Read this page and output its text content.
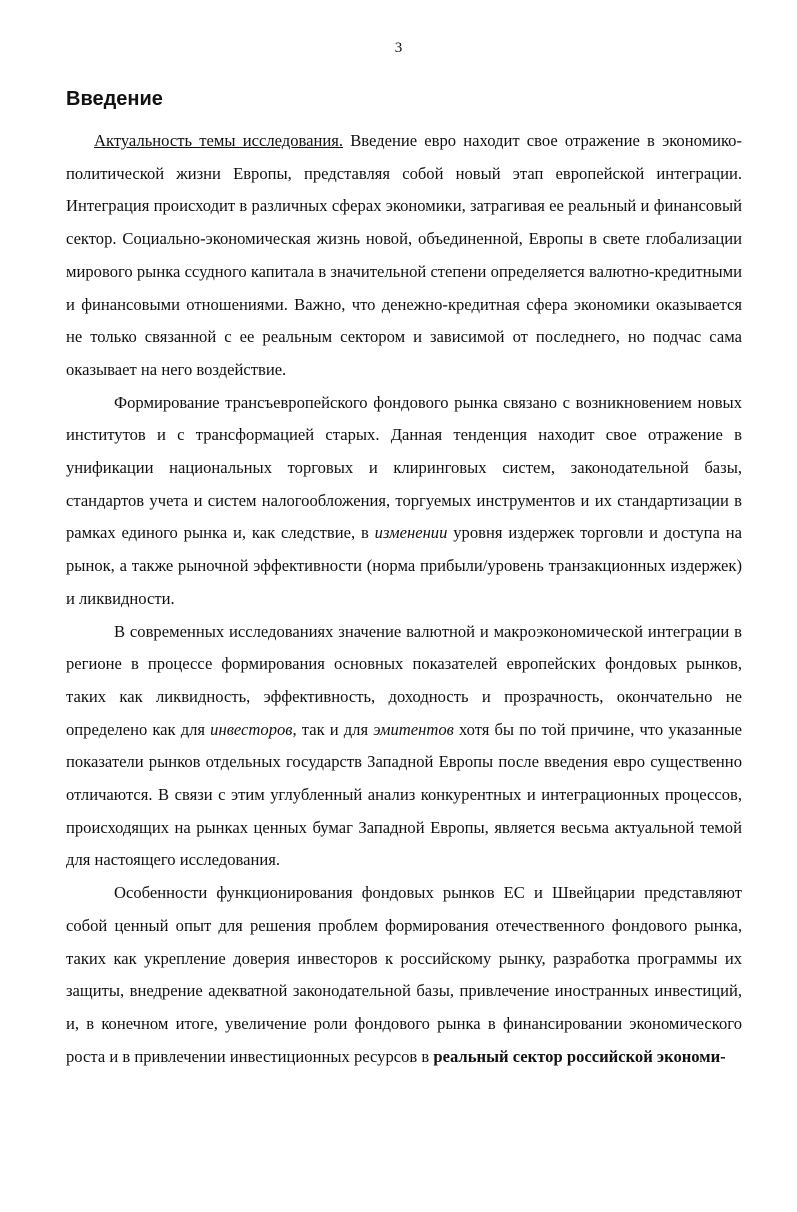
3
Введение

Актуальность темы исследования. Введение евро находит свое отражение в экономико-политической жизни Европы, представляя собой новый этап европейской интеграции. Интеграция происходит в различных сферах экономики, затрагивая ее реальный и финансовый сектор. Социально-экономическая жизнь новой, объединенной, Европы в свете глобализации мирового рынка ссудного капитала в значительной степени определяется валютно-кредитными и финансовыми отношениями. Важно, что денежно-кредитная сфера экономики оказывается не только связанной с ее реальным сектором и зависимой от последнего, но подчас сама оказывает на него воздействие.

Формирование трансъевропейского фондового рынка связано с возникновением новых институтов и с трансформацией старых. Данная тенденция находит свое отражение в унификации национальных торговых и клиринговых систем, законодательной базы, стандартов учета и систем налогообложения, торгуемых инструментов и их стандартизации в рамках единого рынка и, как следствие, в изменении уровня издержек торговли и доступа на рынок, а также рыночной эффективности (норма прибыли/уровень транзакционных издержек) и ликвидности.

В современных исследованиях значение валютной и макроэкономической интеграции в регионе в процессе формирования основных показателей европейских фондовых рынков, таких как ликвидность, эффективность, доходность и прозрачность, окончательно не определено как для инвесторов, так и для эмитентов хотя бы по той причине, что указанные показатели рынков отдельных государств Западной Европы после введения евро существенно отличаются. В связи с этим углубленный анализ конкурентных и интеграционных процессов, происходящих на рынках ценных бумаг Западной Европы, является весьма актуальной темой для настоящего исследования.

Особенности функционирования фондовых рынков ЕС и Швейцарии представляют собой ценный опыт для решения проблем формирования отечественного фондового рынка, таких как укрепление доверия инвесторов к российскому рынку, разработка программы их защиты, внедрение адекватной законодательной базы, привлечение иностранных инвестиций, и, в конечном итоге, увеличение роли фондового рынка в финансировании экономического роста и в привлечении инвестиционных ресурсов в реальный сектор российской экономи-
